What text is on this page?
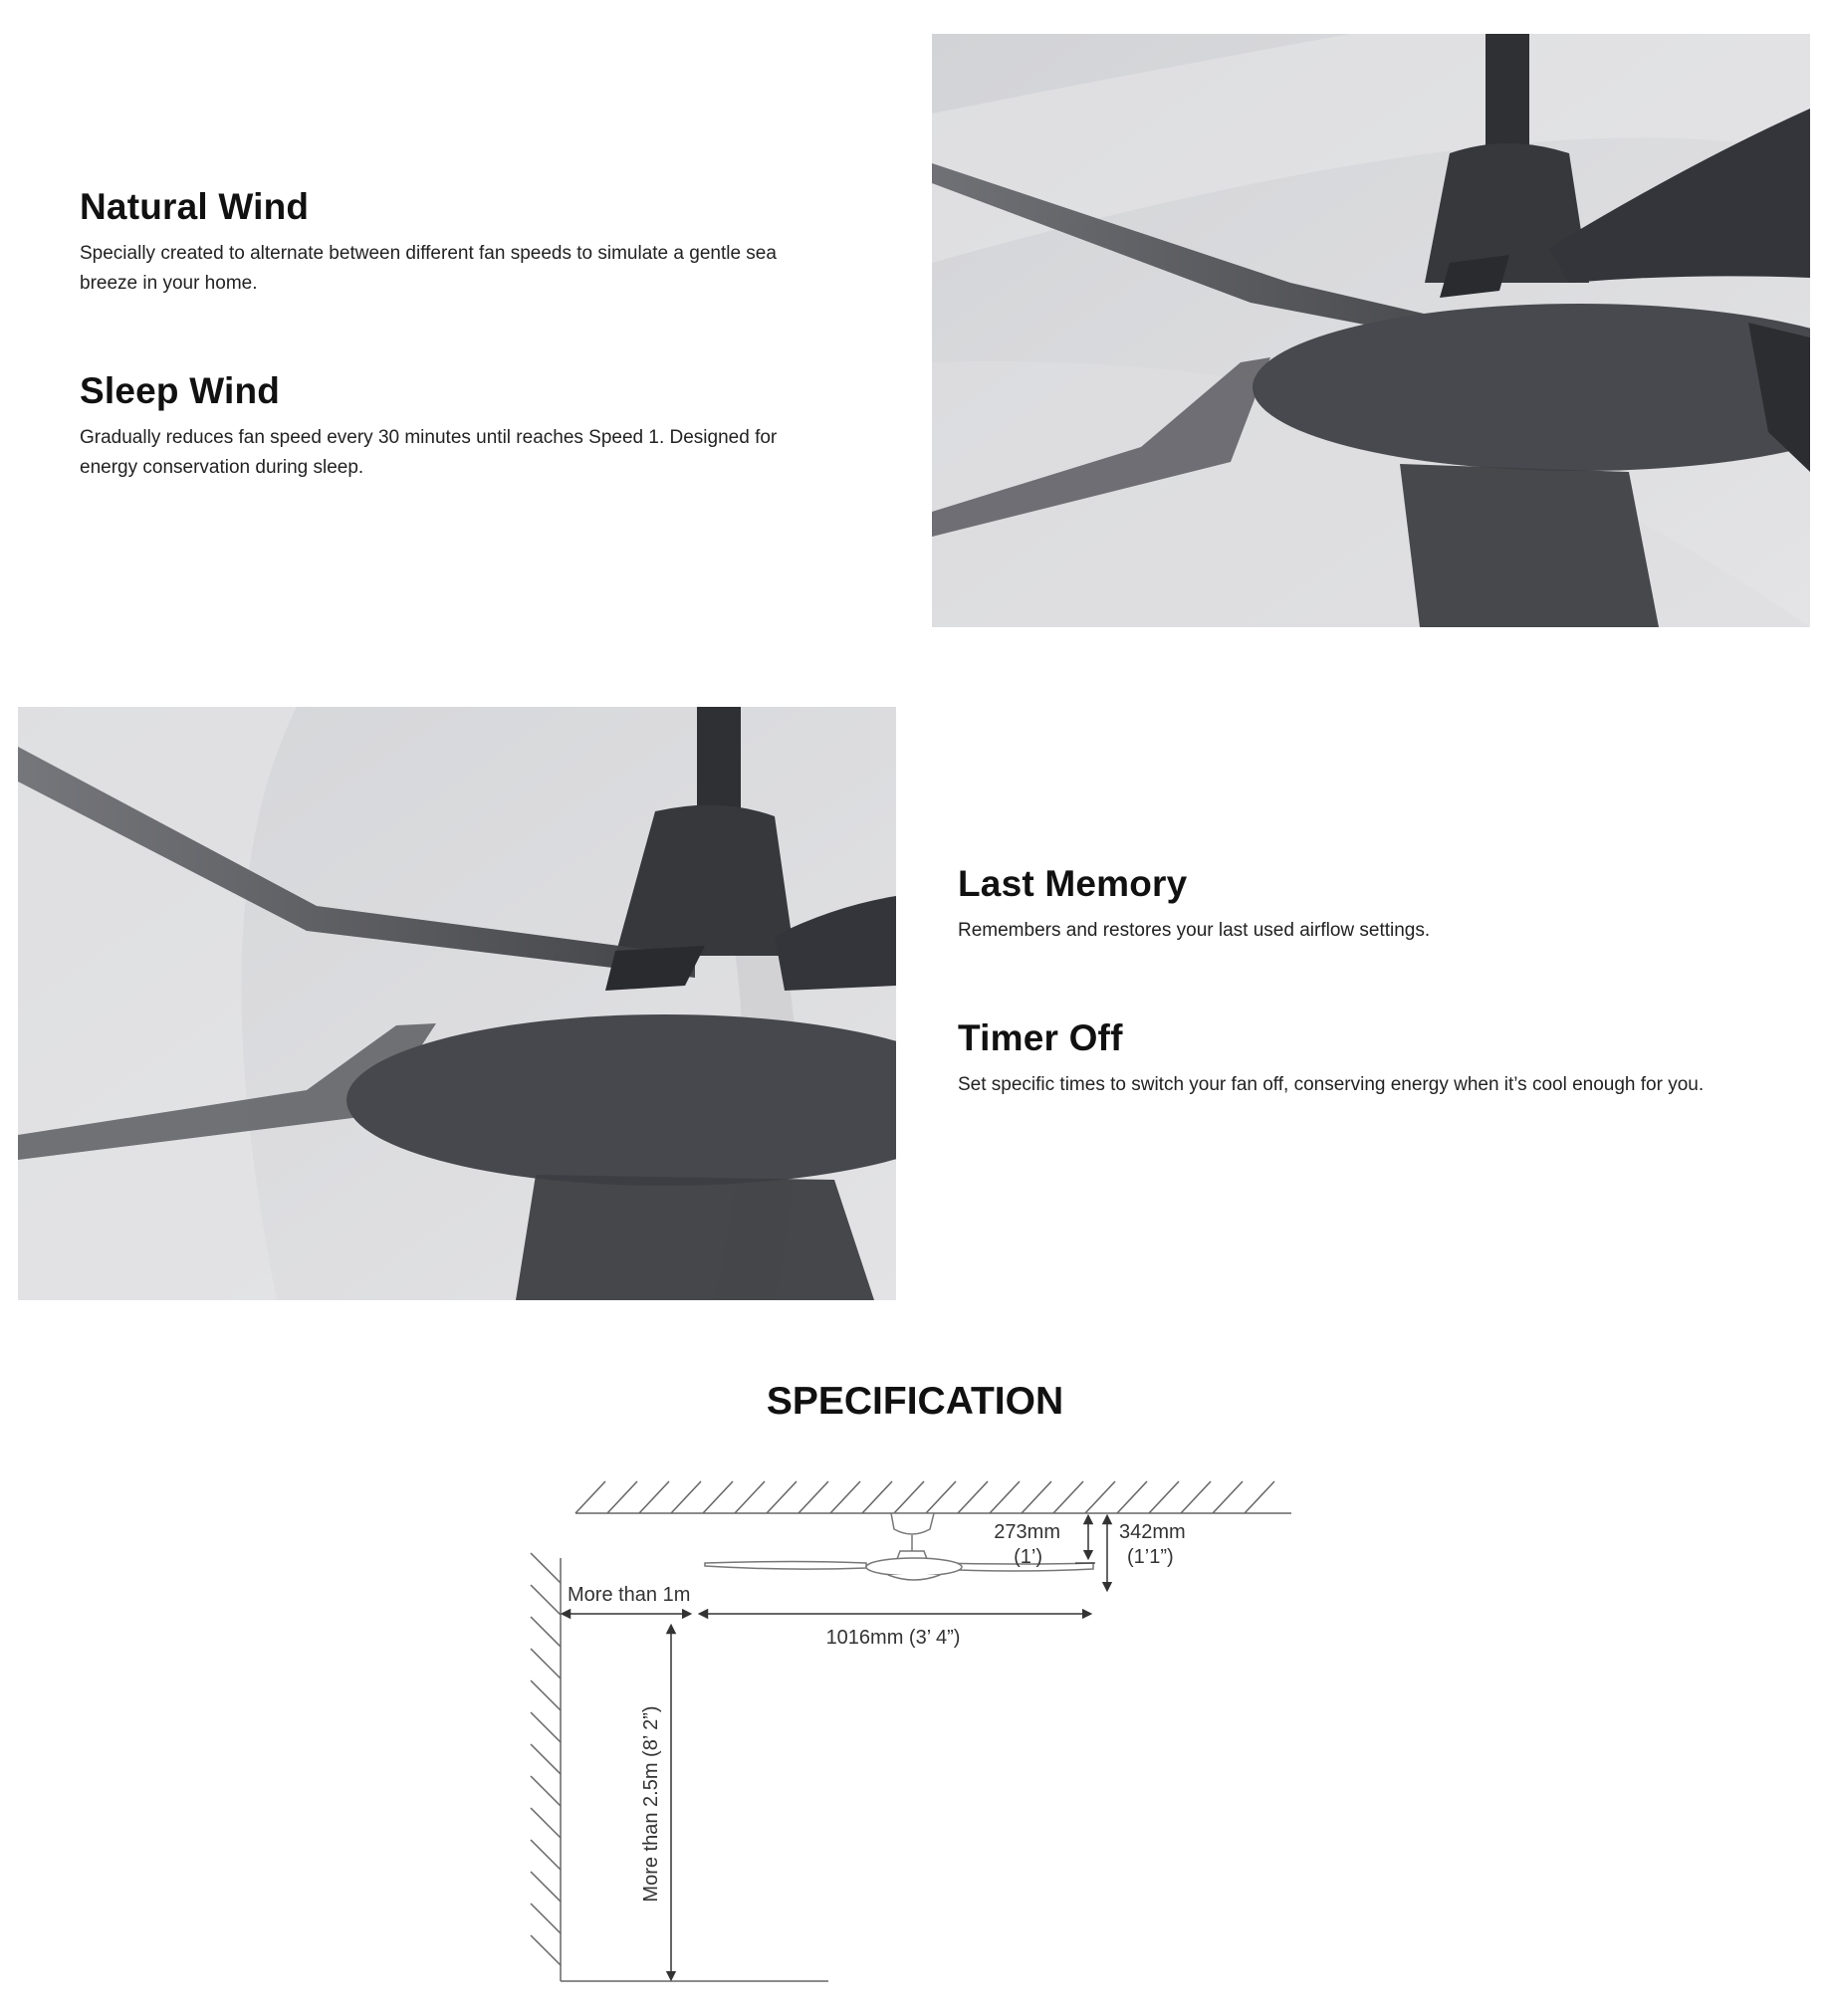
Natural Wind

Specially created to alternate between different fan speeds to simulate a gentle sea breeze in your home.

Sleep Wind

Gradually reduces fan speed every 30 minutes until reaches Speed 1. Designed for energy conservation during sleep.

Last Memory

Remembers and restores your last used airflow settings.

Timer Off

Set specific times to switch your fan off, conserving energy when it’s cool enough for you.

SPECIFICATION
273mm
(1’)
342mm
(1’1”)
More than 1m
1016mm (3’ 4”)
More than 2.5m (8’ 2”)
